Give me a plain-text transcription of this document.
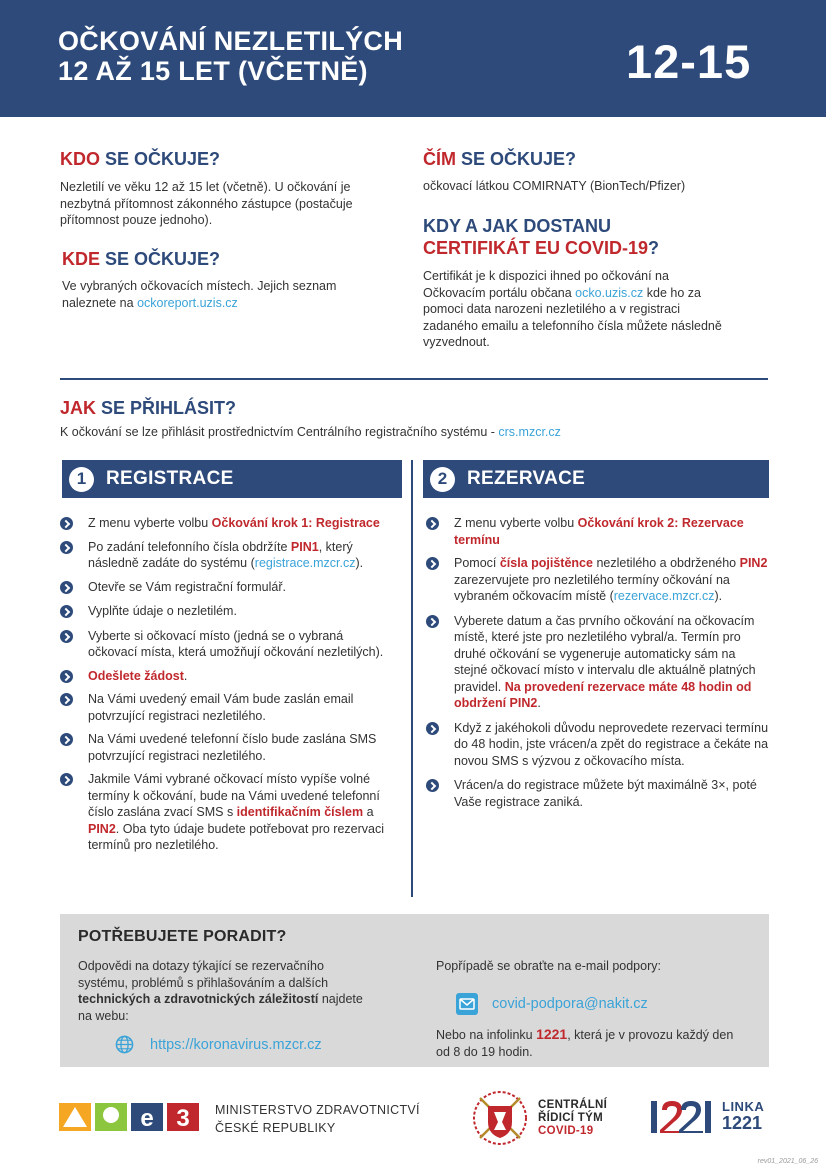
OČKOVÁNÍ NEZLETILÝCH
12 AŽ 15 LET (VČETNĚ)	12-15
KDO SE OČKUJE?
Nezletilí ve věku 12 až 15 let (včetně). U očkování je nezbytná přítomnost zákonného zástupce (postačuje přítomnost pouze jednoho).
KDE SE OČKUJE?
Ve vybraných očkovacích místech. Jejich seznam naleznete na ockoreport.uzis.cz
ČÍM SE OČKUJE?
očkovací látkou COMIRNATY (BionTech/Pfizer)
KDY A JAK DOSTANU
CERTIFIKÁT EU COVID-19?
Certifikát je k dispozici ihned po očkování na Očkovacím portálu občana ocko.uzis.cz kde ho za pomoci data narozeni nezletilého a v registraci zadaného emailu a telefonního čísla můžete následně vyzvednout.
JAK SE PŘIHLÁSIT?
K očkování se lze přihlásit prostřednictvím Centrálního registračního systému - crs.mzcr.cz
1	REGISTRACE	2	REZERVACE
Z menu vyberte volbu Očkování krok 1: Registrace
Po zadání telefonního čísla obdržíte PIN1, který následně zadáte do systému (registrace.mzcr.cz).
Otevře se Vám registrační formulář.
Vyplňte údaje o nezletilém.
Vyberte si očkovací místo (jedná se o vybraná očkovací místa, která umožňují očkování nezletilých).
Odešlete žádost.
Na Vámi uvedený email Vám bude zaslán email potvrzující registraci nezletilého.
Na Vámi uvedené telefonní číslo bude zaslána SMS potvrzující registraci nezletilého.
Jakmile Vámi vybrané očkovací místo vypíše volné termíny k očkování, bude na Vámi uvedené telefonní číslo zaslána zvací SMS s identifikačním číslem a PIN2. Oba tyto údaje budete potřebovat pro rezervaci termínů pro nezletilého.
Z menu vyberte volbu Očkování krok 2: Rezervace termínu
Pomocí čísla pojištěnce nezletilého a obdrženého PIN2 zarezervujete pro nezletilého termíny očkování na vybraném očkovacím místě (rezervace.mzcr.cz).
Vyberete datum a čas prvního očkování na očkovacím místě, které jste pro nezletilého vybral/a. Termín pro druhé očkování se vygeneruje automaticky sám na stejné očkovací místo v intervalu dle aktuálně platných pravidel. Na provedení rezervace máte 48 hodin od obdržení PIN2.
Když z jakéhokoli důvodu neprovedete rezervaci termínu do 48 hodin, jste vrácen/a zpět do registrace a čekáte na novou SMS s výzvou z očkovacího místa.
Vrácen/a do registrace můžete být maximálně 3×, poté Vaše registrace zaniká.
POTŘEBUJETE PORADIT?
Odpovědi na dotazy týkající se rezervačního systému, problémů s přihlašováním a dalších technických a zdravotnických záležitostí najdete na webu:
https://koronavirus.mzcr.cz
Popřípadě se obraťte na e-mail podpory:
covid-podpora@nakit.cz
Nebo na infolinku 1221, která je v provozu každý den od 8 do 19 hodin.
e 3 MINISTERSTVO ZDRAVOTNICTVÍ
ČESKÉ REPUBLIKY
CENTRÁLNÍ
ŘÍDICÍ TÝM
COVID-19
LINKA
1221
rev01_2021_06_26
